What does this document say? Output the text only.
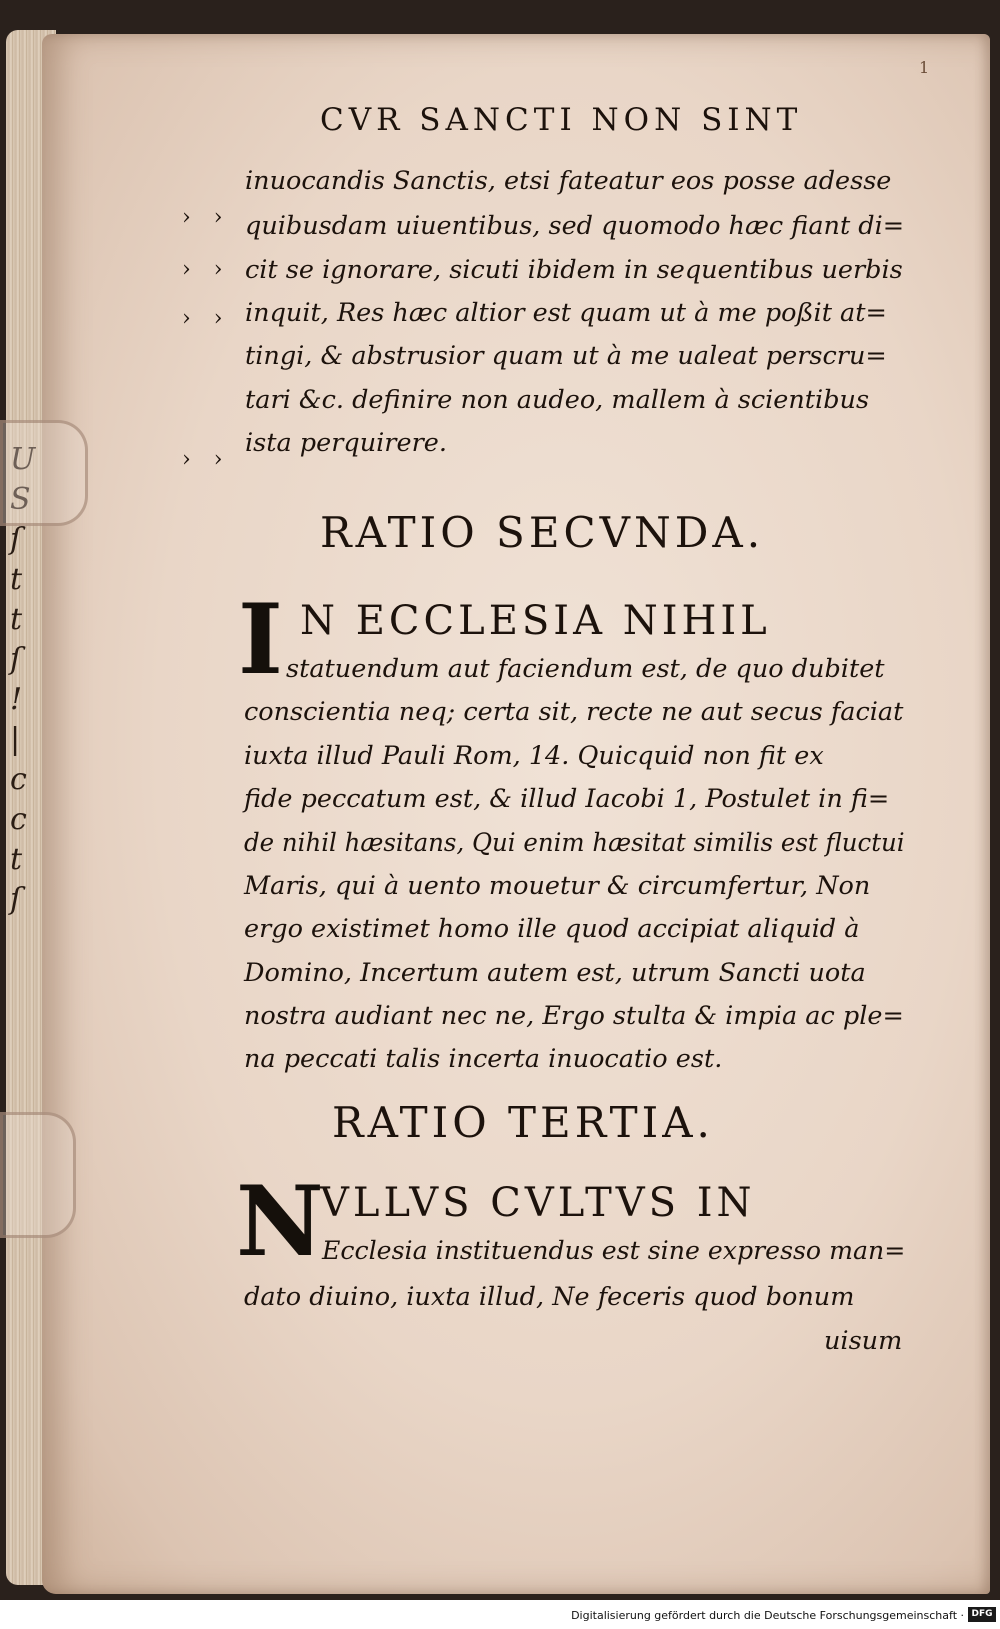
U
S
ſ
t
t
ſ
!
|
c
c
t
ſ
1
CVR SANCTI NON SINT
inuocandis Sanctis, etsi fateatur eos posse adesse
quibusdam uiuentibus, sed quomodo hæc fiant di=
cit se ignorare, sicuti ibidem in sequentibus uerbis
inquit, Res hæc altior est quam ut à me poßit at=
tingi, & abstrusior quam ut à me ualeat perscru=
tari &c. definire non audeo, mallem à scientibus
ista perquirere.
› ›
› ›
› ›
› ›
RATIO SECVNDA.
I N ECCLESIA NIHIL
statuendum aut faciendum est, de quo dubitet
conscientia neq; certa sit, recte ne aut secus faciat
iuxta illud Pauli Rom, 14. Quicquid non fit ex
fide peccatum est, & illud Iacobi 1, Postulet in fi=
de nihil hæsitans, Qui enim hæsitat similis est fluctui
Maris, qui à uento mouetur & circumfertur, Non
ergo existimet homo ille quod accipiat aliquid à
Domino, Incertum autem est, utrum Sancti uota
nostra audiant nec ne, Ergo stulta & impia ac ple=
na peccati talis incerta inuocatio est.
RATIO TERTIA.
N
VLLVS CVLTVS IN
Ecclesia instituendus est sine expresso man=
dato diuino, iuxta illud, Ne feceris quod bonum
uisum
Digitalisierung gefördert durch die Deutsche Forschungsgemeinschaft · DFG
